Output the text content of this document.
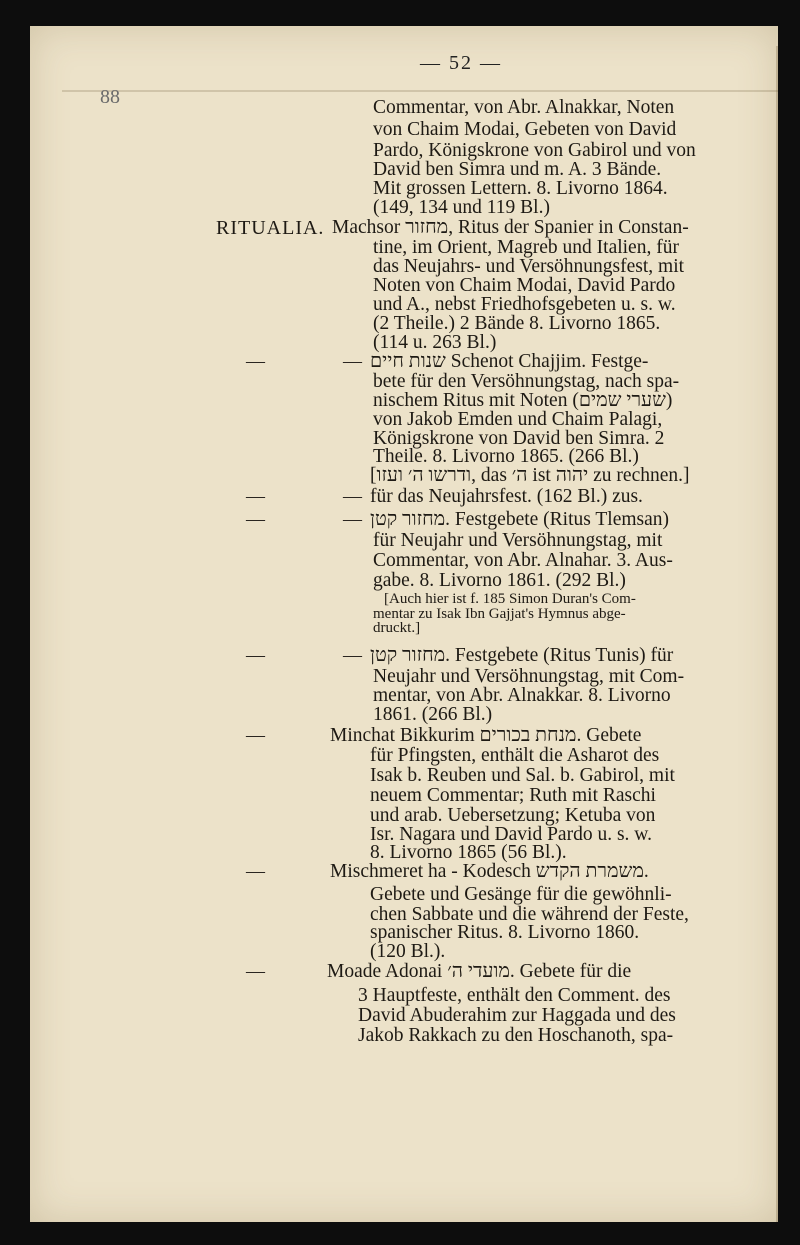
— 52 —
88
RITUALIA.
Commentar, von Abr. Alnakkar, Noten
von Chaim Modai, Gebeten von David
Pardo, Königskrone von Gabirol und von
David ben Simra und m. A. 3 Bände.
Mit grossen Lettern. 8. Livorno 1864.
(149, 134 und 119 Bl.)
Machsor מחזור, Ritus der Spanier in Constan-
tine, im Orient, Magreb und Italien, für
das Neujahrs- und Versöhnungsfest, mit
Noten von Chaim Modai, David Pardo
und A., nebst Friedhofsgebeten u. s. w.
(2 Theile.) 2 Bände 8. Livorno 1865.
(114 u. 263 Bl.)
שנות חיים Schenot Chajjim. Festge-
bete für den Versöhnungstag, nach spa-
nischem Ritus mit Noten (שערי שמים)
von Jakob Emden und Chaim Palagi,
Königskrone von David ben Simra. 2
Theile. 8. Livorno 1865. (266 Bl.)
[ודרשו ה׳ ועזו, das ה׳ ist יהוה zu rechnen.]
für das Neujahrsfest. (162 Bl.) zus.
מחזור קטן. Festgebete (Ritus Tlemsan)
für Neujahr und Versöhnungstag, mit
Commentar, von Abr. Alnahar. 3. Aus-
gabe. 8. Livorno 1861. (292 Bl.)
[Auch hier ist f. 185 Simon Duran's Com-
mentar zu Isak Ibn Gajjat's Hymnus abge-
druckt.]
מחזור קטן. Festgebete (Ritus Tunis) für
Neujahr und Versöhnungstag, mit Com-
mentar, von Abr. Alnakkar. 8. Livorno
1861. (266 Bl.)
Minchat Bikkurim מנחת בכורים. Gebete
für Pfingsten, enthält die Asharot des
Isak b. Reuben und Sal. b. Gabirol, mit
neuem Commentar; Ruth mit Raschi
und arab. Uebersetzung; Ketuba von
Isr. Nagara und David Pardo u. s. w.
8. Livorno 1865 (56 Bl.).
Mischmeret ha - Kodesch משמרת הקדש.
Gebete und Gesänge für die gewöhnli-
chen Sabbate und die während der Feste,
spanischer Ritus. 8. Livorno 1860.
(120 Bl.).
Moade Adonai מועדי ה׳. Gebete für die
3 Hauptfeste, enthält den Comment. des
David Abuderahim zur Haggada und des
Jakob Rakkach zu den Hoschanoth, spa-
—	—
—	—
—	—
—	—
—
—
—
